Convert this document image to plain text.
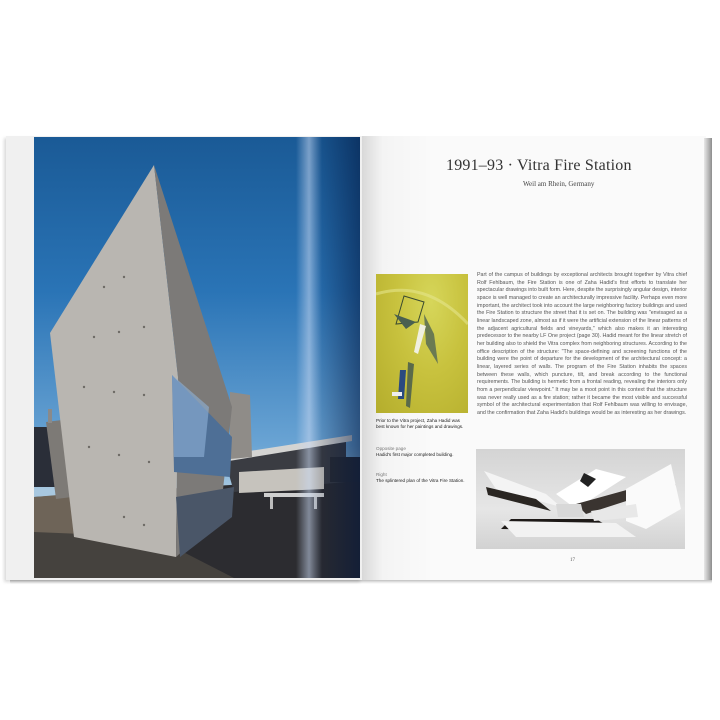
1991–93 · Vitra Fire Station
Weil am Rhein, Germany
Prior to the Vitra project, Zaha Hadid was best known for her paintings and drawings.
Opposite page
Hadid's first major completed building.
Right
The splintered plan of the Vitra Fire Station.
Part of the campus of buildings by exceptional architects brought together by Vitra chief Rolf Fehlbaum, the Fire Station is one of Zaha Hadid's first efforts to translate her spectacular drawings into built form. Here, despite the surprisingly angular design, interior space is well managed to create an architecturally impressive facility. Perhaps even more important, the architect took into account the large neighboring factory buildings and used the Fire Station to structure the street that it is set on. The building was "envisaged as a linear landscaped zone, almost as if it were the artificial extension of the linear patterns of the adjacent agricultural fields and vineyards," which also makes it an interesting predecessor to the nearby LF One project (page 30). Hadid meant for the linear stretch of her building also to shield the Vitra complex from neighboring structures. According to the office description of the structure: "The space-defining and screening functions of the building were the point of departure for the development of the architectural concept: a linear, layered series of walls. The program of the Fire Station inhabits the spaces between these walls, which puncture, tilt, and break according to the functional requirements. The building is hermetic from a frontal reading, revealing the interiors only from a perpendicular viewpoint." It may be a moot point in this context that the structure was never really used as a fire station; rather it became the most visible and successful symbol of the architectural experimentation that Rolf Fehlbaum was willing to envisage, and the confirmation that Zaha Hadid's buildings would be as interesting as her drawings.
17
